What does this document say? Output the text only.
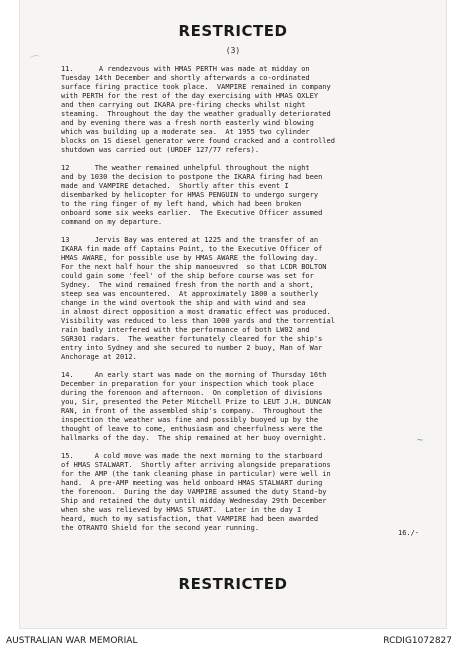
RESTRICTED
(3)
⌒
11.      A rendezvous with HMAS PERTH was made at midday on
Tuesday 14th December and shortly afterwards a co-ordinated
surface firing practice took place.  VAMPIRE remained in company
with PERTH for the rest of the day exercising with HMAS OXLEY
and then carrying out IKARA pre-firing checks whilst night
steaming.  Throughout the day the weather gradually deteriorated
and by evening there was a fresh north easterly wind blowing
which was building up a moderate sea.  At 1955 two cylinder
blocks on 1S diesel generator were found cracked and a controlled
shutdown was carried out (URDEF 127/77 refers).
12      The weather remained unhelpful throughout the night
and by 1030 the decision to postpone the IKARA firing had been
made and VAMPIRE detached.  Shortly after this event I
disembarked by helicopter for HMAS PENGUIN to undergo surgery
to the ring finger of my left hand, which had been broken
onboard some six weeks earlier.  The Executive Officer assumed
command on my departure.
13      Jervis Bay was entered at 1225 and the transfer of an
IKARA fin made off Captains Point, to the Executive Officer of
HMAS AWARE, for possible use by HMAS AWARE the following day.
For the next half hour the ship manoeuvred  so that LCDR BOLTON
could gain some 'feel' of the ship before course was set for
Sydney.  The wind remained fresh from the north and a short,
steep sea was encountered.  At approximately 1800 a southerly
change in the wind overtook the ship and with wind and sea
in almost direct opposition a most dramatic effect was produced.
Visibility was reduced to less than 1000 yards and the torrential
rain badly interfered with the performance of both LW02 and
SGR301 radars.  The weather fortunately cleared for the ship's
entry into Sydney and she secured to number 2 buoy, Man of War
Anchorage at 2012.
14.     An early start was made on the morning of Thursday 16th
December in preparation for your inspection which took place
during the forenoon and afternoon.  On completion of divisions
you, Sir, presented the Peter Mitchell Prize to LEUT J.H. DUNCAN
RAN, in front of the assembled ship's company.  Throughout the
inspection the weather was fine and possibly buoyed up by the
thought of leave to come, enthusiasm and cheerfulness were the
hallmarks of the day.  The ship remained at her buoy overnight.
15.     A cold move was made the next morning to the starboard
of HMAS STALWART.  Shortly after arriving alongside preparations
for the AMP (the tank cleaning phase in particular) were well in
hand.  A pre-AMP meeting was held onboard HMAS STALWART during
the forenoon.  During the day VAMPIRE assumed the duty Stand-by
Ship and retained the duty until midday Wednesday 29th December
when she was relieved by HMAS STUART.  Later in the day I
heard, much to my satisfaction, that VAMPIRE had been awarded
the OTRANTO Shield for the second year running.
~
16./-
RESTRICTED
AUSTRALIAN WAR MEMORIAL	RCDIG1072827
